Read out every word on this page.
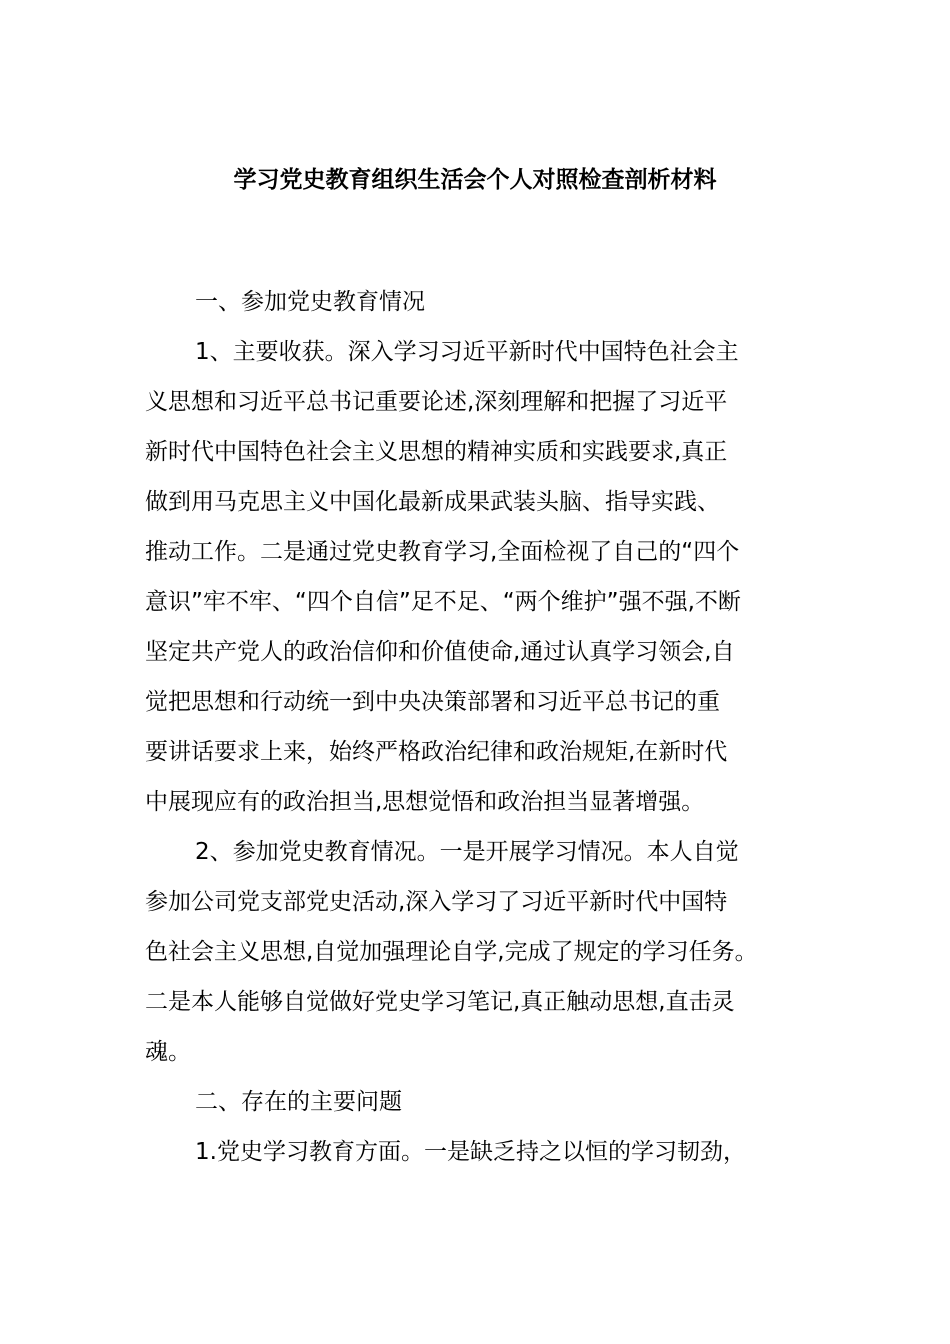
学习党史教育组织生活会个人对照检查剖析材料
一、参加党史教育情况
1、主要收获。深入学习习近平新时代中国特色社会主
义思想和习近平总书记重要论述,深刻理解和把握了习近平
新时代中国特色社会主义思想的精神实质和实践要求,真正
做到用马克思主义中国化最新成果武装头脑、指导实践、
推动工作。二是通过党史教育学习,全面检视了自己的“四个
意识”牢不牢、“四个自信”足不足、“两个维护”强不强,不断
坚定共产党人的政治信仰和价值使命,通过认真学习领会,自
觉把思想和行动统一到中央决策部署和习近平总书记的重
要讲话要求上来，始终严格政治纪律和政治规矩,在新时代
中展现应有的政治担当,思想觉悟和政治担当显著增强。
2、参加党史教育情况。一是开展学习情况。本人自觉
参加公司党支部党史活动,深入学习了习近平新时代中国特
色社会主义思想,自觉加强理论自学,完成了规定的学习任务。
二是本人能够自觉做好党史学习笔记,真正触动思想,直击灵
魂。
二、存在的主要问题
1.党史学习教育方面。一是缺乏持之以恒的学习韧劲，
